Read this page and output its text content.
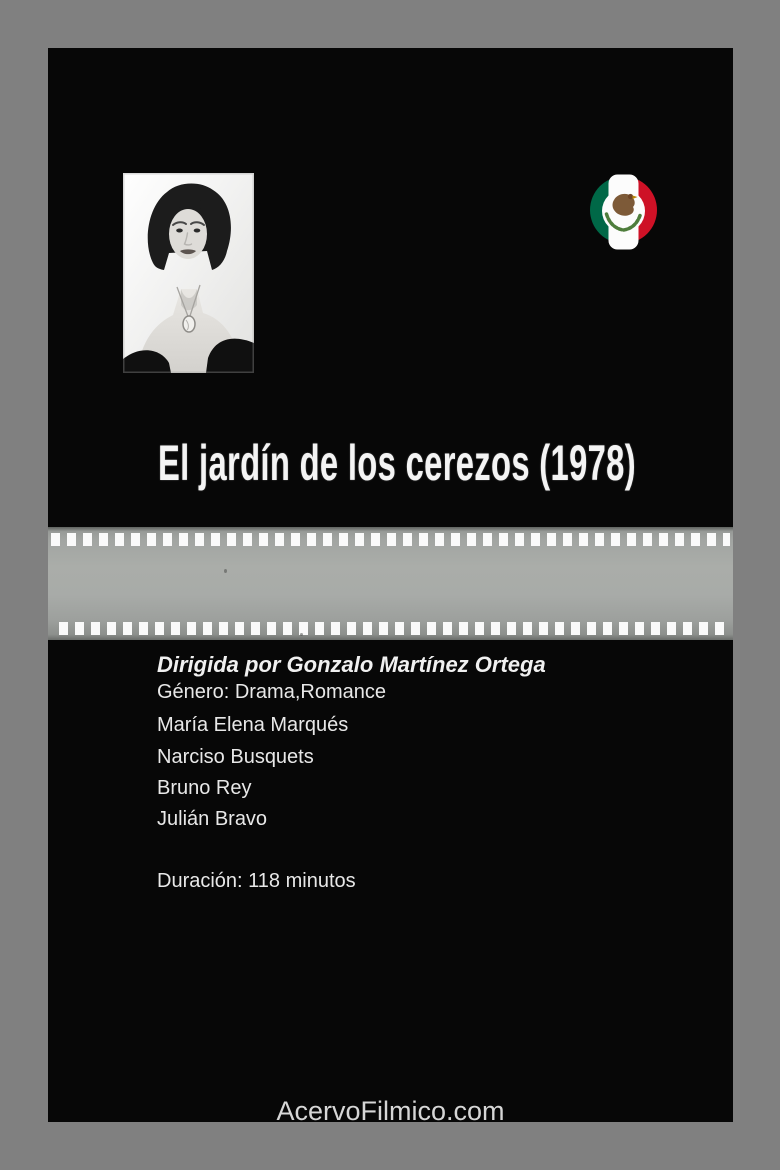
El jardín de los cerezos (1978)
Dirigida por Gonzalo Martínez Ortega
Género: Drama,Romance
María Elena Marqués
Narciso Busquets
Bruno Rey
Julián Bravo
Duración: 118 minutos
AcervoFilmico.com
